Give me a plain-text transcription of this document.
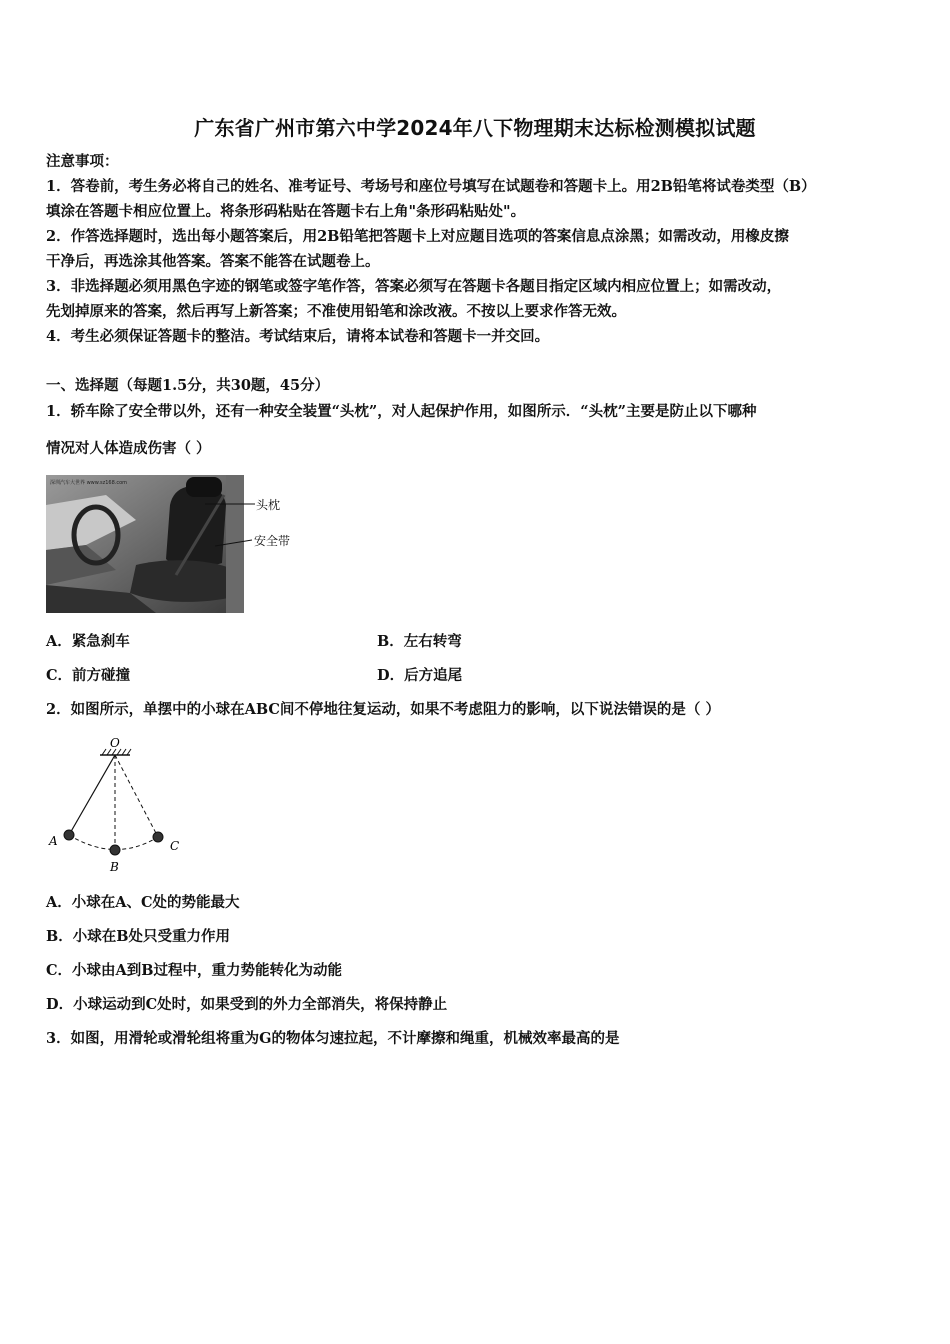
广东省广州市第六中学2024年八下物理期末达标检测模拟试题
注意事项：
1．答卷前，考生务必将自己的姓名、准考证号、考场号和座位号填写在试题卷和答题卡上。用2B铅笔将试卷类型（B）
填涂在答题卡相应位置上。将条形码粘贴在答题卡右上角"条形码粘贴处"。
2．作答选择题时，选出每小题答案后，用2B铅笔把答题卡上对应题目选项的答案信息点涂黑；如需改动，用橡皮擦
干净后，再选涂其他答案。答案不能答在试题卷上。
3．非选择题必须用黑色字迹的钢笔或签字笔作答，答案必须写在答题卡各题目指定区域内相应位置上；如需改动，
先划掉原来的答案，然后再写上新答案；不准使用铅笔和涂改液。不按以上要求作答无效。
4．考生必须保证答题卡的整洁。考试结束后，请将本试卷和答题卡一并交回。
一、选择题（每题1.5分，共30题，45分）
1．轿车除了安全带以外，还有一种安全装置“头枕”，对人起保护作用，如图所示．“头枕”主要是防止以下哪种
情况对人体造成伤害（ ）
深圳汽车大世界 www.sz168.com
头枕
安全带
A．紧急刹车	B．左右转弯
C．前方碰撞	D．后方追尾
2．如图所示，单摆中的小球在ABC间不停地往复运动，如果不考虑阻力的影响，以下说法错误的是（ ）
O
A
B
C
A．小球在A、C处的势能最大
B．小球在B处只受重力作用
C．小球由A到B过程中，重力势能转化为动能
D．小球运动到C处时，如果受到的外力全部消失，将保持静止
3．如图，用滑轮或滑轮组将重为G的物体匀速拉起，不计摩擦和绳重，机械效率最高的是
